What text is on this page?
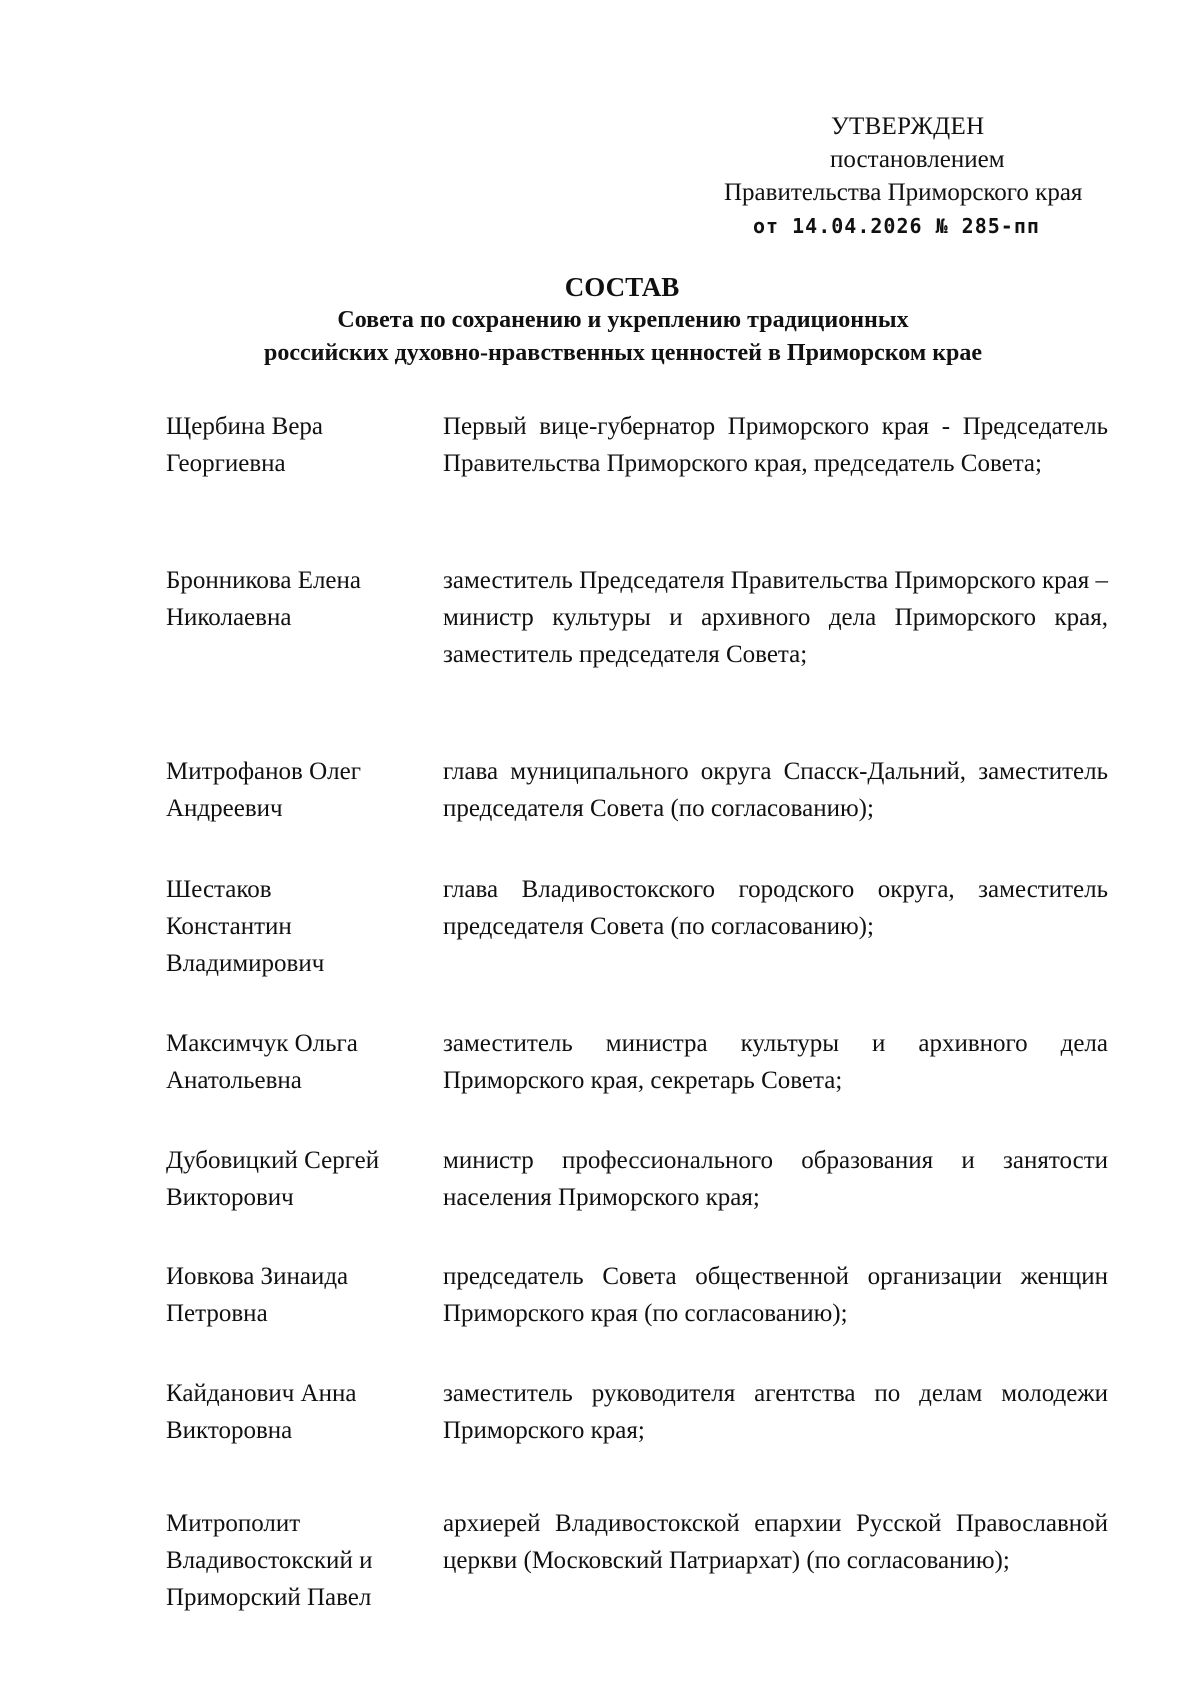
УТВЕРЖДЕН
постановлением
Правительства Приморского края
от 14.04.2026 № 285-пп
СОСТАВ
Совета по сохранению и укреплению традиционных
российских духовно-нравственных ценностей в Приморском крае
Щербина Вера Георгиевна
Первый вице-губернатор Приморского края - Председатель Правительства Приморского края, председатель Совета;
Бронникова Елена Николаевна
заместитель Председателя Правительства Приморского края – министр культуры и архивного дела Приморского края, заместитель председателя Совета;
Митрофанов Олег Андреевич
глава муниципального округа Спасск-Дальний, заместитель председателя Совета (по согласованию);
Шестаков Константин Владимирович
глава Владивостокского городского округа, заместитель председателя Совета (по согласованию);
Максимчук Ольга Анатольевна
заместитель министра культуры и архивного дела Приморского края, секретарь Совета;
Дубовицкий Сергей Викторович
министр профессионального образования и занятости населения Приморского края;
Иовкова Зинаида Петровна
председатель Совета общественной организации женщин Приморского края (по согласованию);
Кайданович Анна Викторовна
заместитель руководителя агентства по делам молодежи Приморского края;
Митрополит Владивостокский и Приморский Павел
архиерей Владивостокской епархии Русской Православной церкви (Московский Патриархат) (по согласованию);
